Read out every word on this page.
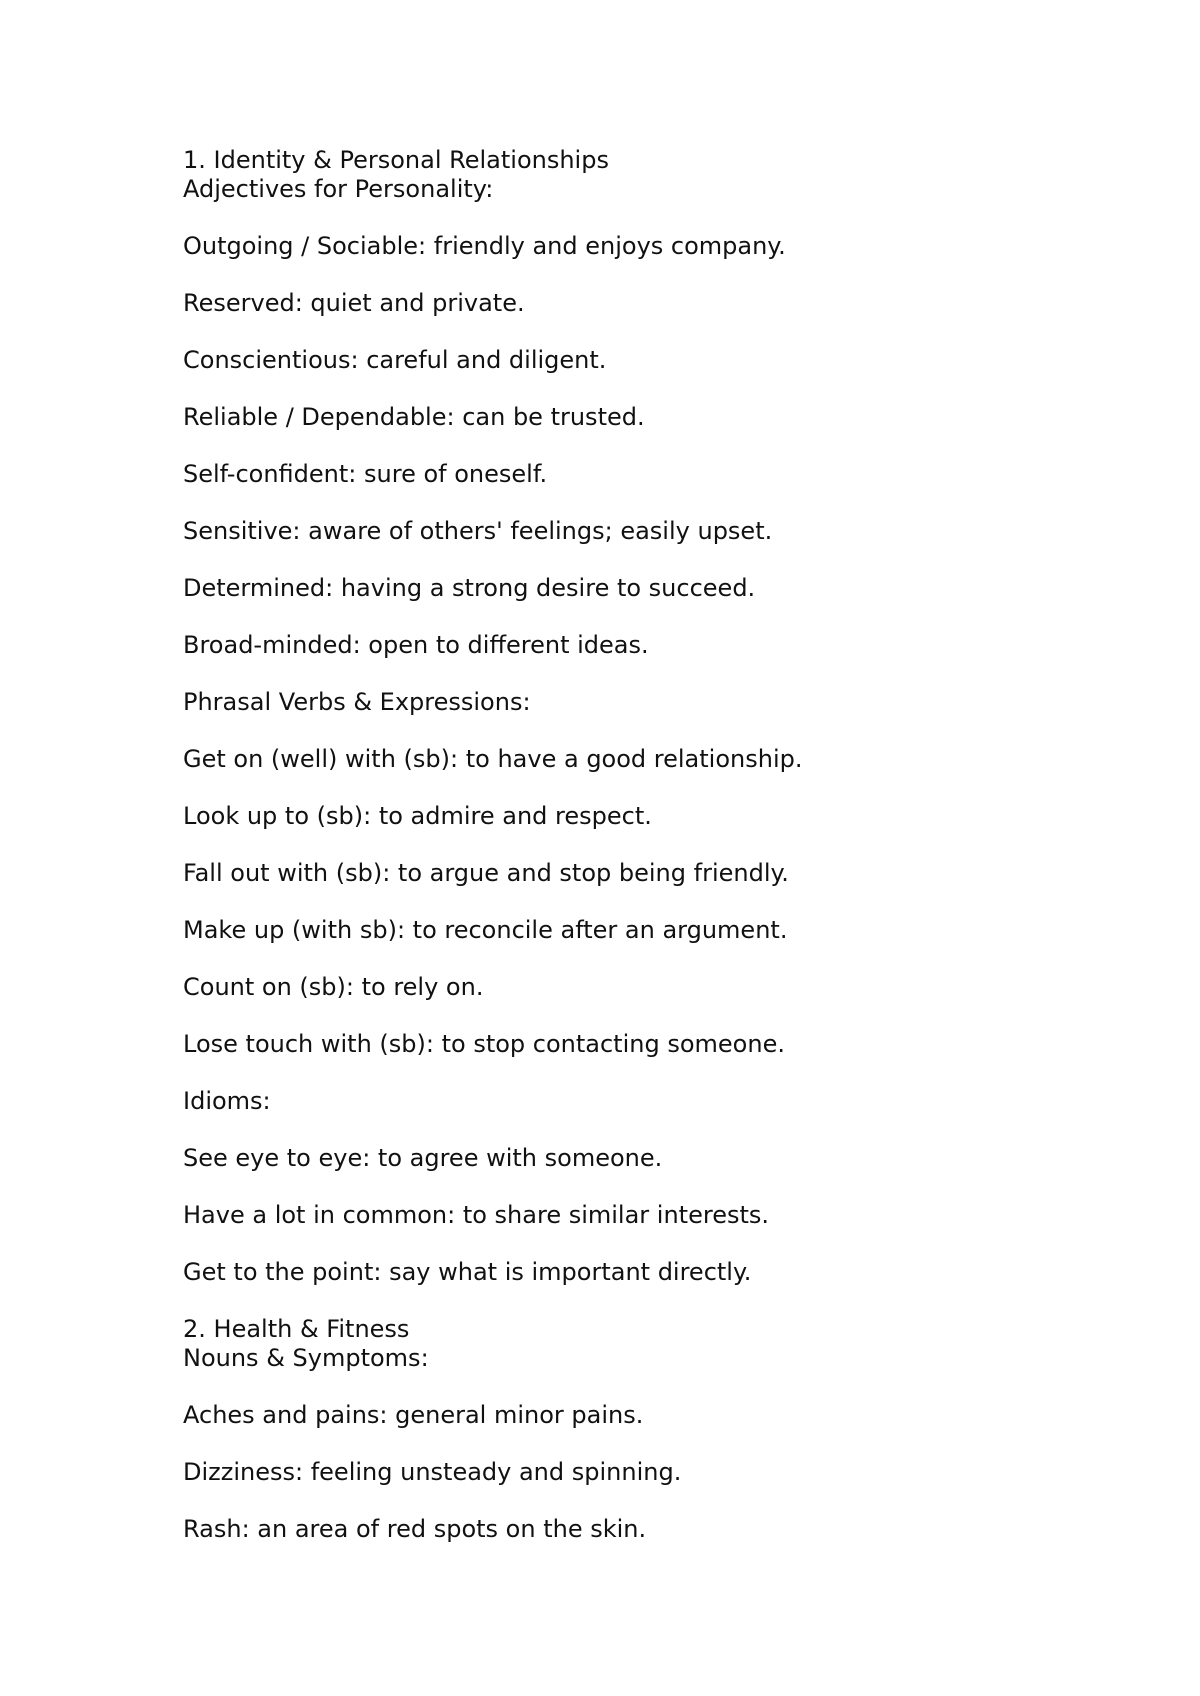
1. Identity & Personal Relationships

Adjectives for Personality:

Outgoing / Sociable: friendly and enjoys company.

Reserved: quiet and private.

Conscientious: careful and diligent.

Reliable / Dependable: can be trusted.

Self-confident: sure of oneself.

Sensitive: aware of others' feelings; easily upset.

Determined: having a strong desire to succeed.

Broad-minded: open to different ideas.

Phrasal Verbs & Expressions:

Get on (well) with (sb): to have a good relationship.

Look up to (sb): to admire and respect.

Fall out with (sb): to argue and stop being friendly.

Make up (with sb): to reconcile after an argument.

Count on (sb): to rely on.

Lose touch with (sb): to stop contacting someone.

Idioms:

See eye to eye: to agree with someone.

Have a lot in common: to share similar interests.

Get to the point: say what is important directly.

2. Health & Fitness

Nouns & Symptoms:

Aches and pains: general minor pains.

Dizziness: feeling unsteady and spinning.

Rash: an area of red spots on the skin.
